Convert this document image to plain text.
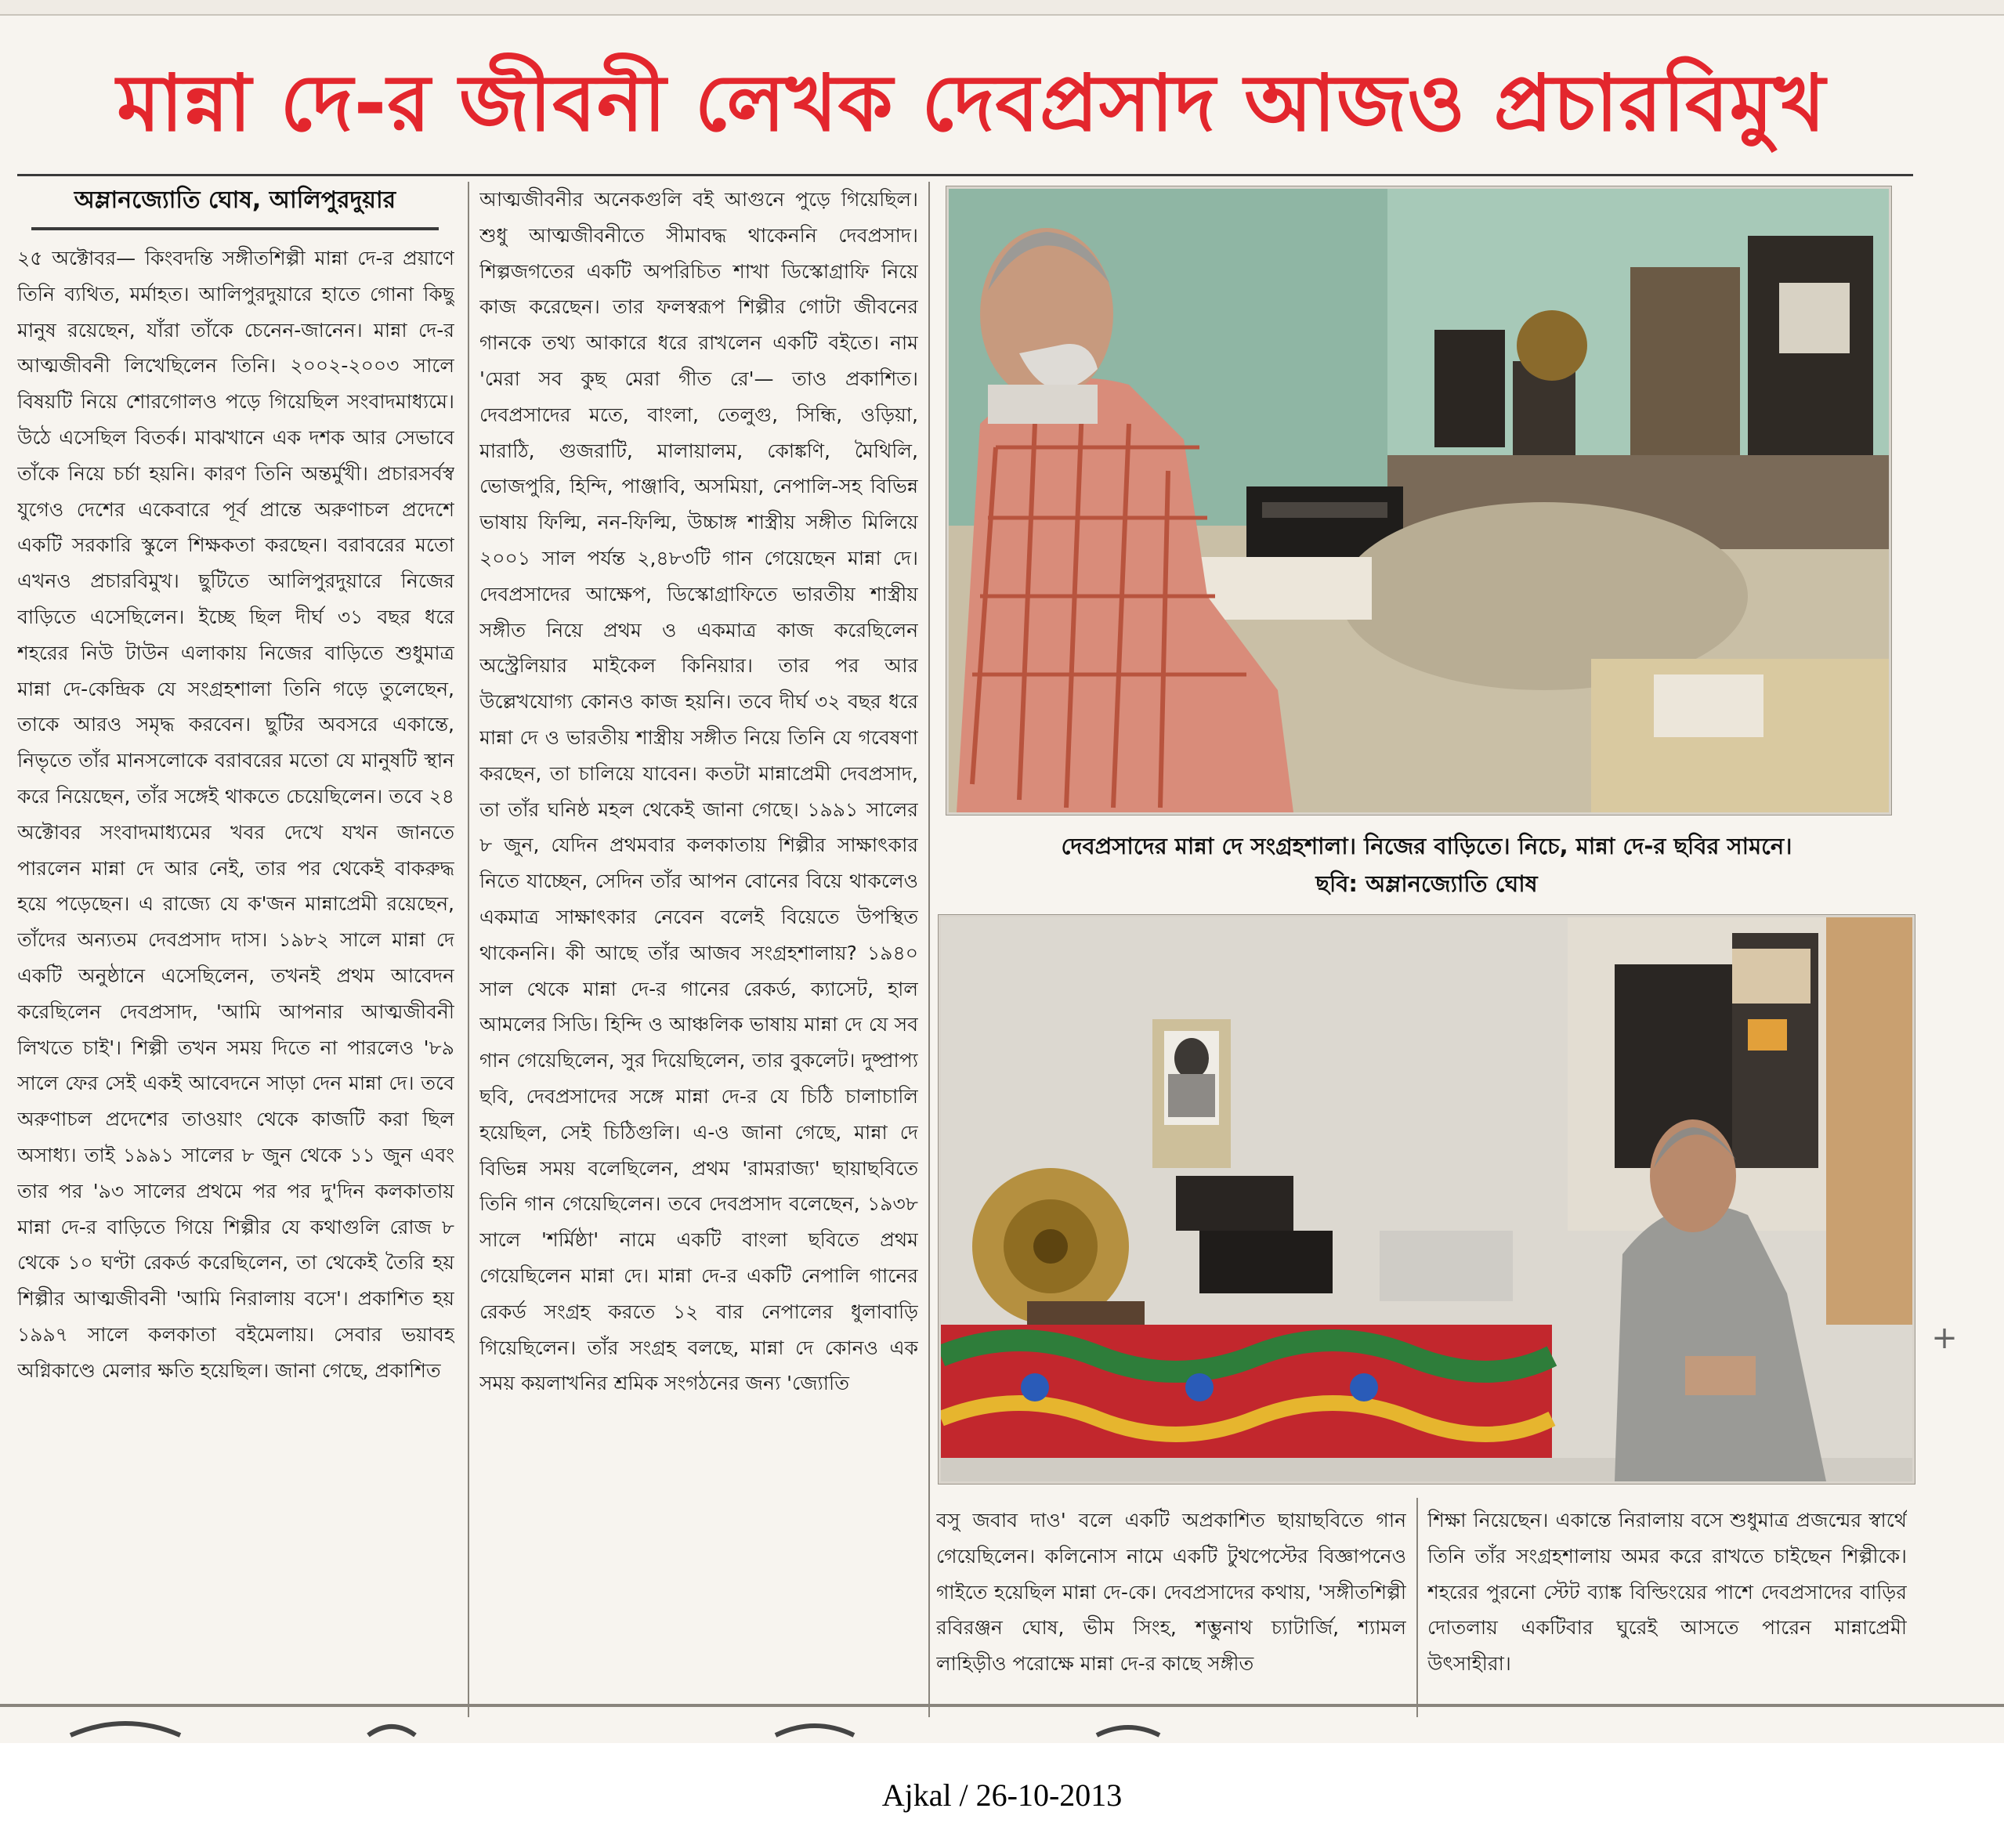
মান্না দে-র জীবনী লেখক দেবপ্রসাদ আজও প্রচারবিমুখ
অম্লানজ্যোতি ঘোষ, আলিপুরদুয়ার

২৫ অক্টোবর— কিংবদন্তি সঙ্গীতশিল্পী মান্না দে-র প্রয়াণে তিনি ব্যথিত, মর্মাহত। আলিপুরদুয়ারে হাতে গোনা কিছু মানুষ রয়েছেন, যাঁরা তাঁকে চেনেন-জানেন। মান্না দে-র আত্মজীবনী লিখেছিলেন তিনি। ২০০২-২০০৩ সালে বিষয়টি নিয়ে শোরগোলও পড়ে গিয়েছিল সংবাদমাধ্যমে। উঠে এসেছিল বিতর্ক। মাঝখানে এক দশক আর সেভাবে তাঁকে নিয়ে চর্চা হয়নি। কারণ তিনি অন্তর্মুখী। প্রচারসর্বস্ব যুগেও দেশের একেবারে পূর্ব প্রান্তে অরুণাচল প্রদেশে একটি সরকারি স্কুলে শিক্ষকতা করছেন। বরাবরের মতো এখনও প্রচারবিমুখ। ছুটিতে আলিপুরদুয়ারে নিজের বাড়িতে এসেছিলেন। ইচ্ছে ছিল দীর্ঘ ৩১ বছর ধরে শহরের নিউ টাউন এলাকায় নিজের বাড়িতে শুধুমাত্র মান্না দে-কেন্দ্রিক যে সংগ্রহশালা তিনি গড়ে তুলেছেন, তাকে আরও সমৃদ্ধ করবেন। ছুটির অবসরে একান্তে, নিভৃতে তাঁর মানসলোকে বরাবরের মতো যে মানুষটি স্থান করে নিয়েছেন, তাঁর সঙ্গেই থাকতে চেয়েছিলেন। তবে ২৪ অক্টোবর সংবাদমাধ্যমের খবর দেখে যখন জানতে পারলেন মান্না দে আর নেই, তার পর থেকেই বাকরুদ্ধ হয়ে পড়েছেন। এ রাজ্যে যে ক'জন মান্নাপ্রেমী রয়েছেন, তাঁদের অন্যতম দেবপ্রসাদ দাস। ১৯৮২ সালে মান্না দে একটি অনুষ্ঠানে এসেছিলেন, তখনই প্রথম আবেদন করেছিলেন দেবপ্রসাদ, 'আমি আপনার আত্মজীবনী লিখতে চাই'। শিল্পী তখন সময় দিতে না পারলেও '৮৯ সালে ফের সেই একই আবেদনে সাড়া দেন মান্না দে। তবে অরুণাচল প্রদেশের তাওয়াং থেকে কাজটি করা ছিল অসাধ্য। তাই ১৯৯১ সালের ৮ জুন থেকে ১১ জুন এবং তার পর '৯৩ সালের প্রথমে পর পর দু'দিন কলকাতায় মান্না দে-র বাড়িতে গিয়ে শিল্পীর যে কথাগুলি রোজ ৮ থেকে ১০ ঘণ্টা রেকর্ড করেছিলেন, তা থেকেই তৈরি হয় শিল্পীর আত্মজীবনী 'আমি নিরালায় বসে'। প্রকাশিত হয় ১৯৯৭ সালে কলকাতা বইমেলায়। সেবার ভয়াবহ অগ্নিকাণ্ডে মেলার ক্ষতি হয়েছিল। জানা গেছে, প্রকাশিত

আত্মজীবনীর অনেকগুলি বই আগুনে পুড়ে গিয়েছিল। শুধু আত্মজীবনীতে সীমাবদ্ধ থাকেননি দেবপ্রসাদ। শিল্পজগতের একটি অপরিচিত শাখা ডিস্কোগ্রাফি নিয়ে কাজ করেছেন। তার ফলস্বরূপ শিল্পীর গোটা জীবনের গানকে তথ্য আকারে ধরে রাখলেন একটি বইতে। নাম 'মেরা সব কুছ মেরা গীত রে'— তাও প্রকাশিত। দেবপ্রসাদের মতে, বাংলা, তেলুগু, সিন্ধি, ওড়িয়া, মারাঠি, গুজরাটি, মালায়ালম, কোঙ্কণি, মৈথিলি, ভোজপুরি, হিন্দি, পাঞ্জাবি, অসমিয়া, নেপালি-সহ বিভিন্ন ভাষায় ফিল্মি, নন-ফিল্মি, উচ্চাঙ্গ শাস্ত্রীয় সঙ্গীত মিলিয়ে ২০০১ সাল পর্যন্ত ২,৪৮৩টি গান গেয়েছেন মান্না দে। দেবপ্রসাদের আক্ষেপ, ডিস্কোগ্রাফিতে ভারতীয় শাস্ত্রীয় সঙ্গীত নিয়ে প্রথম ও একমাত্র কাজ করেছিলেন অস্ট্রেলিয়ার মাইকেল কিনিয়ার। তার পর আর উল্লেখযোগ্য কোনও কাজ হয়নি। তবে দীর্ঘ ৩২ বছর ধরে মান্না দে ও ভারতীয় শাস্ত্রীয় সঙ্গীত নিয়ে তিনি যে গবেষণা করছেন, তা চালিয়ে যাবেন। কতটা মান্নাপ্রেমী দেবপ্রসাদ, তা তাঁর ঘনিষ্ঠ মহল থেকেই জানা গেছে। ১৯৯১ সালের ৮ জুন, যেদিন প্রথমবার কলকাতায় শিল্পীর সাক্ষাৎকার নিতে যাচ্ছেন, সেদিন তাঁর আপন বোনের বিয়ে থাকলেও একমাত্র সাক্ষাৎকার নেবেন বলেই বিয়েতে উপস্থিত থাকেননি। কী আছে তাঁর আজব সংগ্রহশালায়? ১৯৪০ সাল থেকে মান্না দে-র গানের রেকর্ড, ক্যাসেট, হাল আমলের সিডি। হিন্দি ও আঞ্চলিক ভাষায় মান্না দে যে সব গান গেয়েছিলেন, সুর দিয়েছিলেন, তার বুকলেট। দুষ্প্রাপ্য ছবি, দেবপ্রসাদের সঙ্গে মান্না দে-র যে চিঠি চালাচালি হয়েছিল, সেই চিঠিগুলি। এ-ও জানা গেছে, মান্না দে বিভিন্ন সময় বলেছিলেন, প্রথম 'রামরাজ্য' ছায়াছবিতে তিনি গান গেয়েছিলেন। তবে দেবপ্রসাদ বলেছেন, ১৯৩৮ সালে 'শর্মিষ্ঠা' নামে একটি বাংলা ছবিতে প্রথম গেয়েছিলেন মান্না দে। মান্না দে-র একটি নেপালি গানের রেকর্ড সংগ্রহ করতে ১২ বার নেপালের ধুলাবাড়ি গিয়েছিলেন। তাঁর সংগ্রহ বলছে, মান্না দে কোনও এক সময় কয়লাখনির শ্রমিক সংগঠনের জন্য 'জ্যোতি

দেবপ্রসাদের মান্না দে সংগ্রহশালা। নিজের বাড়িতে। নিচে, মান্না দে-র ছবির সামনে।

ছবি: অম্লানজ্যোতি ঘোষ

বসু জবাব দাও' বলে একটি অপ্রকাশিত ছায়াছবিতে গান গেয়েছিলেন। কলিনোস নামে একটি টুথপেস্টের বিজ্ঞাপনেও গাইতে হয়েছিল মান্না দে-কে। দেবপ্রসাদের কথায়, 'সঙ্গীতশিল্পী রবিরঞ্জন ঘোষ, ভীম সিংহ, শম্ভুনাথ চ্যাটার্জি, শ্যামল লাহিড়ীও পরোক্ষে মান্না দে-র কাছে সঙ্গীত

শিক্ষা নিয়েছেন। একান্তে নিরালায় বসে শুধুমাত্র প্রজন্মের স্বার্থে তিনি তাঁর সংগ্রহশালায় অমর করে রাখতে চাইছেন শিল্পীকে। শহরের পুরনো স্টেট ব্যাঙ্ক বিল্ডিংয়ের পাশে দেবপ্রসাদের বাড়ির দোতলায় একটিবার ঘুরেই আসতে পারেন মান্নাপ্রেমী উৎসাহীরা।

+

Ajkal / 26-10-2013
